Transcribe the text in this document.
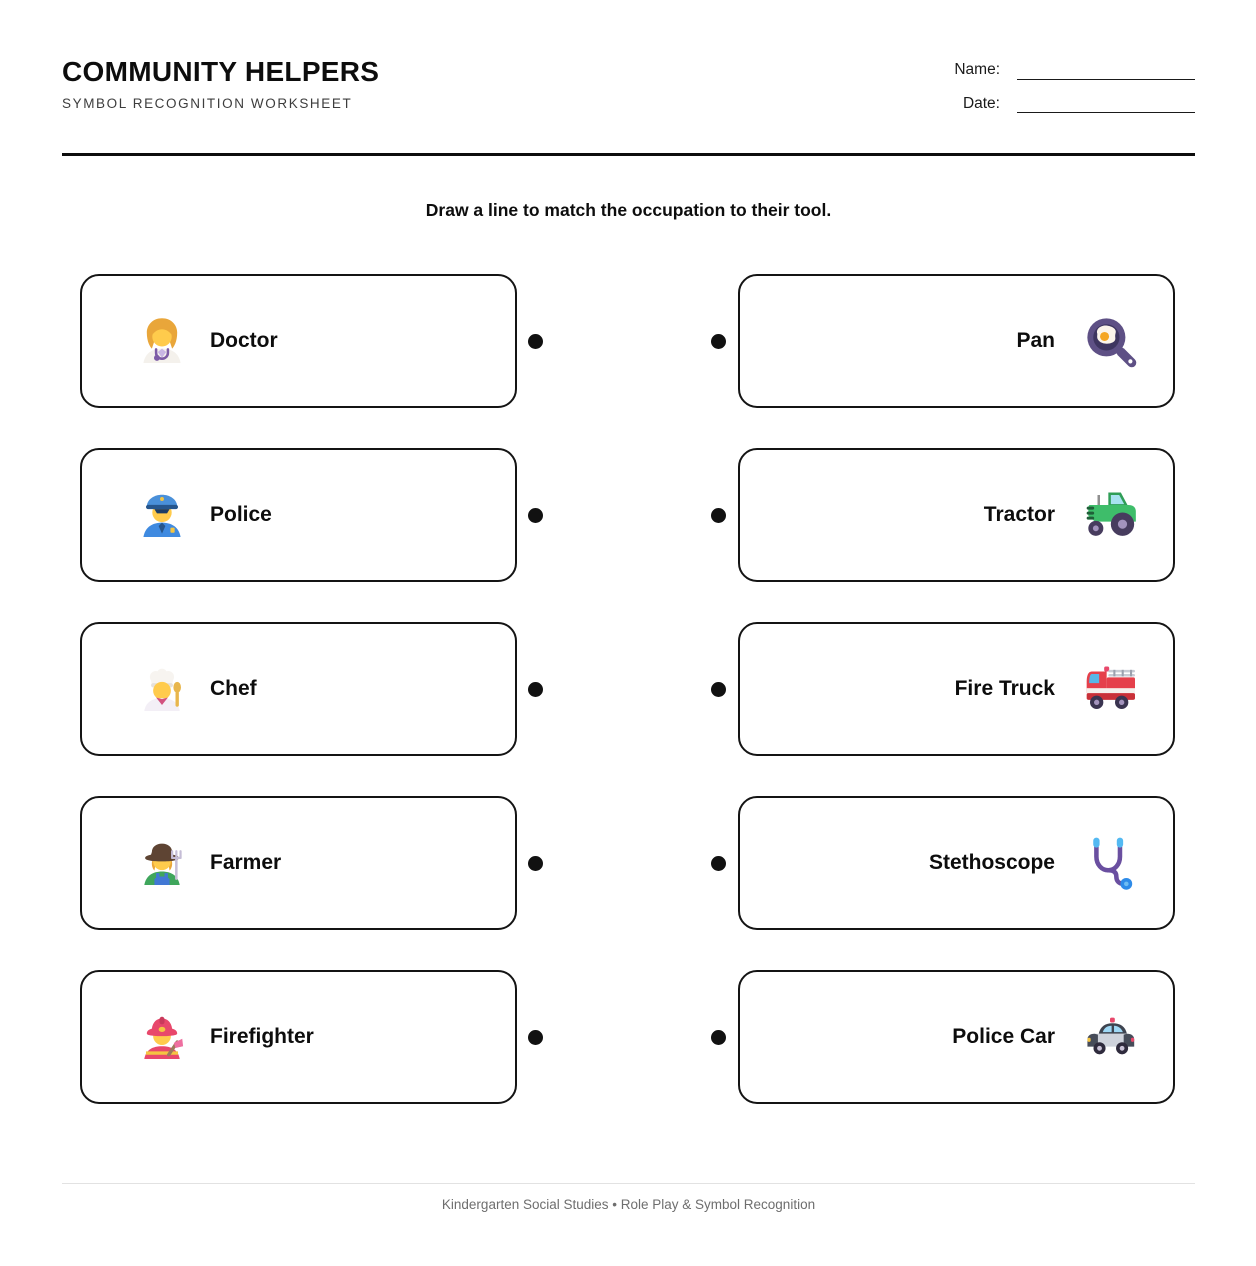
COMMUNITY HELPERS
SYMBOL RECOGNITION WORKSHEET
Name:
Date:

Draw a line to match the occupation to their tool.

Doctor	Pan
Police	Tractor
Chef	Fire Truck
Farmer	Stethoscope
Firefighter	Police Car
Kindergarten Social Studies • Role Play & Symbol Recognition
